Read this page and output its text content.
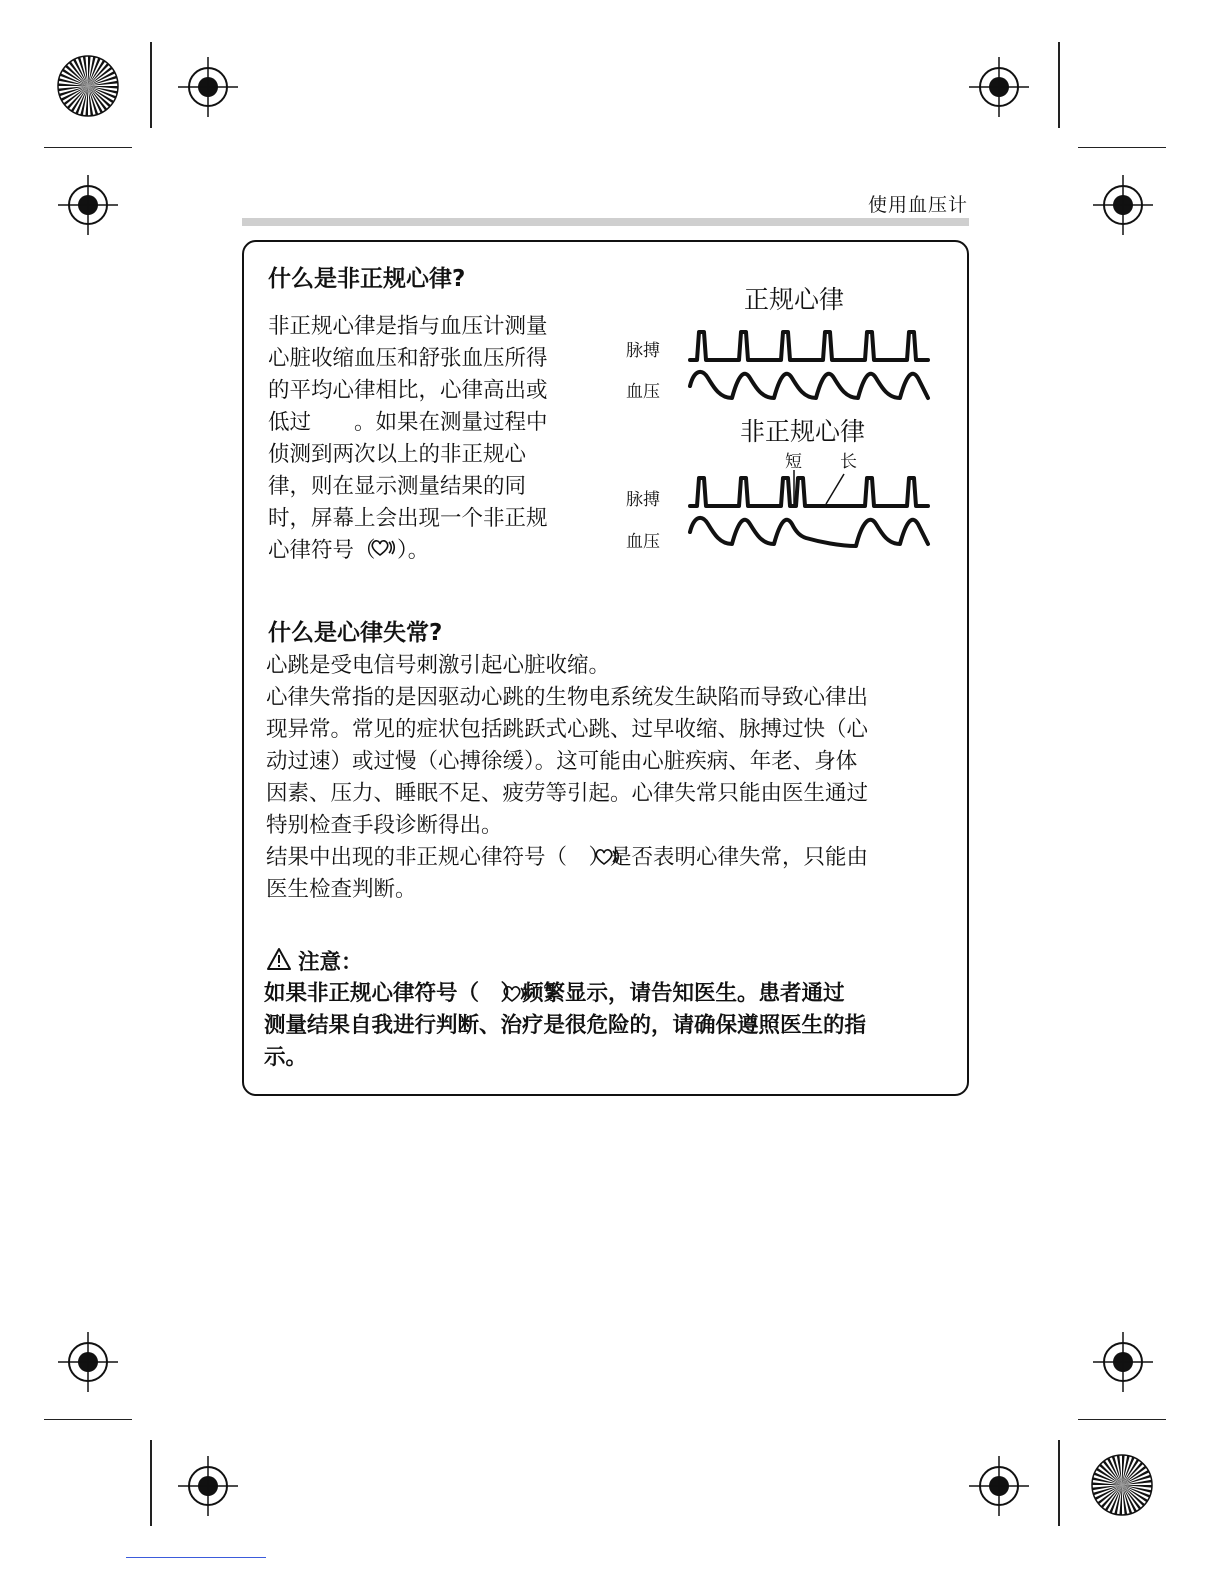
使用血压计
什么是非正规心律?
非正规心律是指与血压计测量
心脏收缩血压和舒张血压所得
的平均心律相比，心律高出或
低过　　。如果在测量过程中
侦测到两次以上的非正规心
律，则在显示测量结果的同
时，屏幕上会出现一个非正规
心律符号（　）。
正规心律
脉搏
血压
非正规心律
短 长
脉搏
血压
什么是心律失常?
心跳是受电信号刺激引起心脏收缩。
心律失常指的是因驱动心跳的生物电系统发生缺陷而导致心律出
现异常。常见的症状包括跳跃式心跳、过早收缩、脉搏过快（心
动过速）或过慢（心搏徐缓）。这可能由心脏疾病、年老、身体
因素、压力、睡眠不足、疲劳等引起。心律失常只能由医生通过
特别检查手段诊断得出。
结果中出现的非正规心律符号（　）是否表明心律失常，只能由
医生检查判断。
注意：
如果非正规心律符号（　）频繁显示，请告知医生。患者通过
测量结果自我进行判断、治疗是很危险的，请确保遵照医生的指
示。
